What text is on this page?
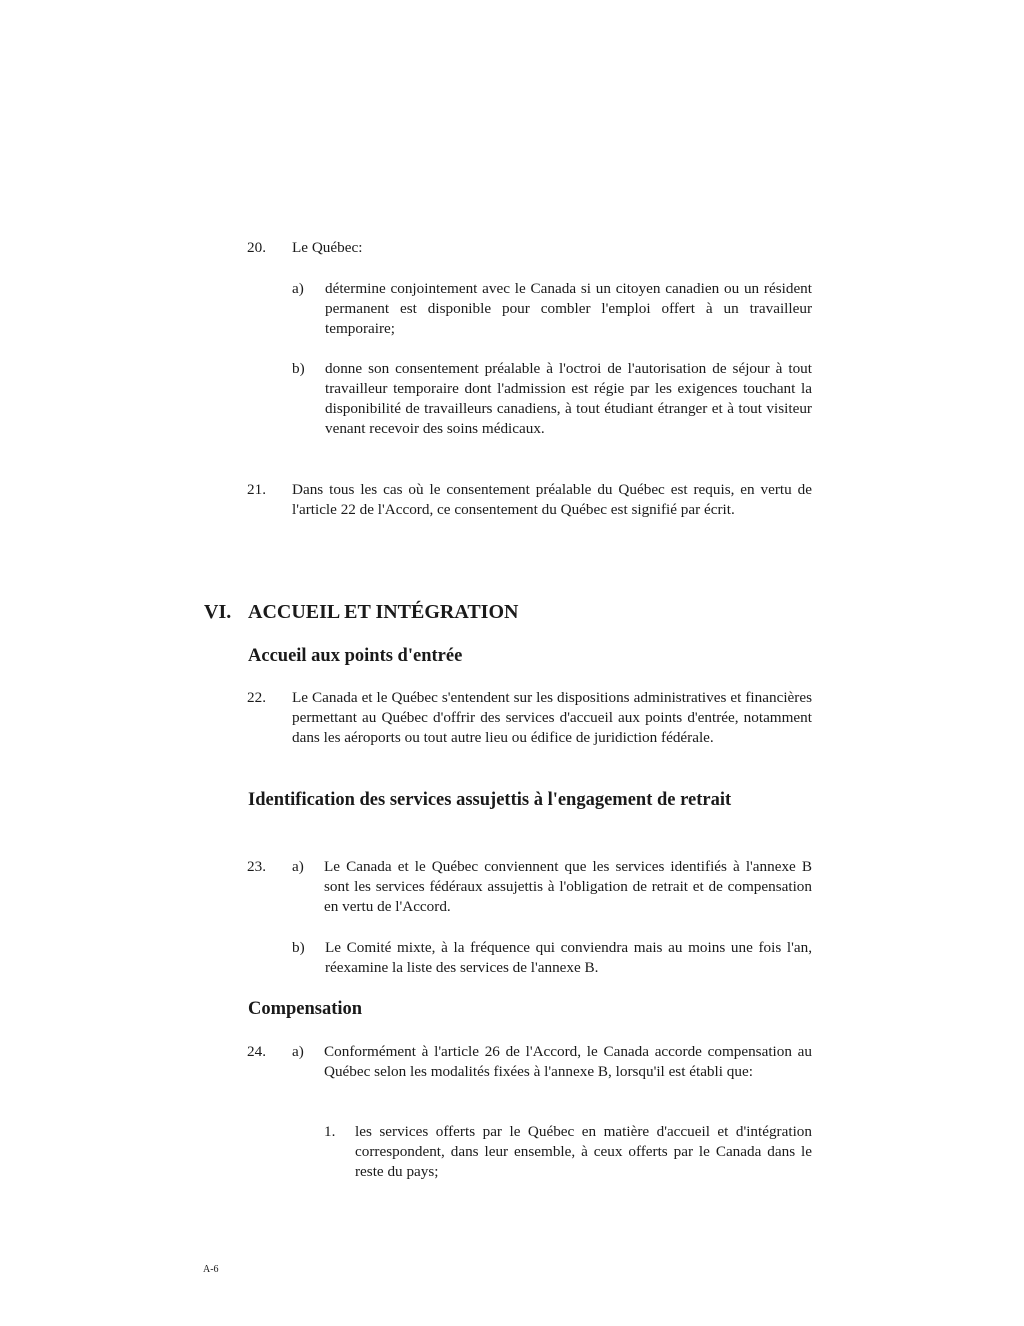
20. Le Québec:
a) détermine conjointement avec le Canada si un citoyen canadien ou un résident permanent est disponible pour combler l'emploi offert à un travailleur temporaire;

b) donne son consentement préalable à l'octroi de l'autorisation de séjour à tout travailleur temporaire dont l'admission est régie par les exigences touchant la disponibilité de travailleurs canadiens, à tout étudiant étranger et à tout visiteur venant recevoir des soins médicaux.

21. Dans tous les cas où le consentement préalable du Québec est requis, en vertu de l'article 22 de l'Accord, ce consentement du Québec est signifié par écrit.

VI. ACCUEIL ET INTÉGRATION

Accueil aux points d'entrée

22. Le Canada et le Québec s'entendent sur les dispositions administratives et financières permettant au Québec d'offrir des services d'accueil aux points d'entrée, notamment dans les aéroports ou tout autre lieu ou édifice de juridiction fédérale.

Identification des services assujettis à l'engagement de retrait

23. a) Le Canada et le Québec conviennent que les services identifiés à l'annexe B sont les services fédéraux assujettis à l'obligation de retrait et de compensation en vertu de l'Accord.

b) Le Comité mixte, à la fréquence qui conviendra mais au moins une fois l'an, réexamine la liste des services de l'annexe B.

Compensation

24. a) Conformément à l'article 26 de l'Accord, le Canada accorde compensation au Québec selon les modalités fixées à l'annexe B, lorsqu'il est établi que:

1. les services offerts par le Québec en matière d'accueil et d'intégration correspondent, dans leur ensemble, à ceux offerts par le Canada dans le reste du pays;

A-6
